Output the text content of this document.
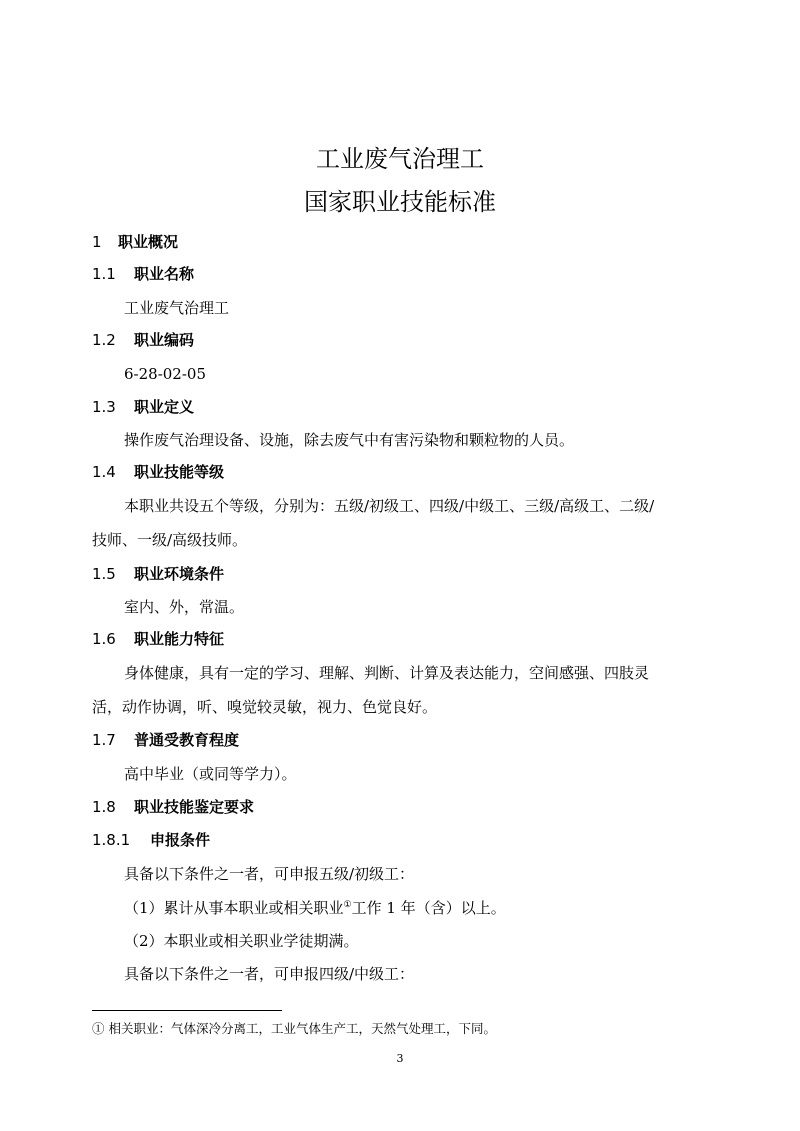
工业废气治理工
国家职业技能标准
1 职业概况
1.1 职业名称
工业废气治理工
1.2 职业编码
6-28-02-05
1.3 职业定义
操作废气治理设备、设施，除去废气中有害污染物和颗粒物的人员。
1.4 职业技能等级
本职业共设五个等级，分别为：五级/初级工、四级/中级工、三级/高级工、二级/
技师、一级/高级技师。
1.5 职业环境条件
室内、外，常温。
1.6 职业能力特征
身体健康，具有一定的学习、理解、判断、计算及表达能力，空间感强、四肢灵
活，动作协调，听、嗅觉较灵敏，视力、色觉良好。
1.7 普通受教育程度
高中毕业（或同等学力）。
1.8 职业技能鉴定要求
1.8.1 申报条件
具备以下条件之一者，可申报五级/初级工：
（1）累计从事本职业或相关职业①工作 1 年（含）以上。
（2）本职业或相关职业学徒期满。
具备以下条件之一者，可申报四级/中级工：
① 相关职业：气体深冷分离工，工业气体生产工，天然气处理工，下同。
3
